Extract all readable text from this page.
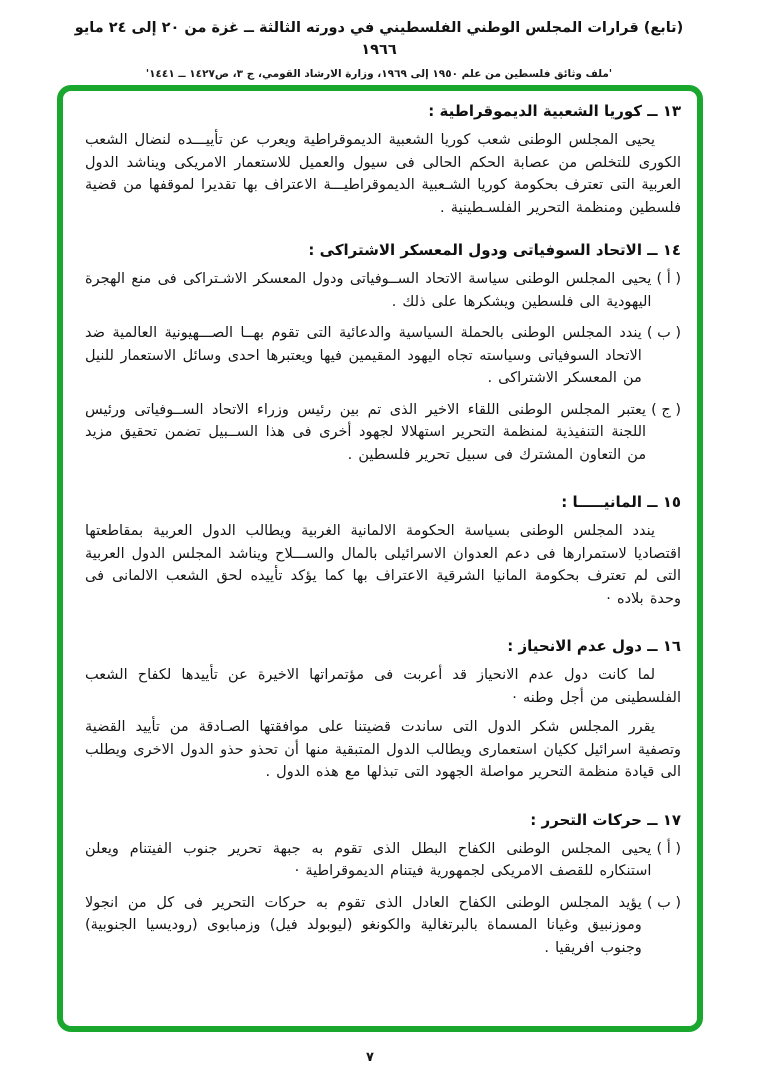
(تابع) قرارات المجلس الوطني الفلسطيني في دورته الثالثة ــ غزة من ٢٠ إلى ٢٤ مايو ١٩٦٦
'ملف وثائق فلسطين من علم ١٩٥٠ إلى ١٩٦٩، وزارة الارشاد القومي، ج ٣، ص١٤٢٧ ــ ١٤٤١'
١٣ ــ كوريا الشعبية الديموقراطية :
يحيى المجلس الوطنى شعب كوريا الشعبية الديموقراطية ويعرب عن تأييـــده لنضال الشعب الكورى للتخلص من عصابة الحكم الحالى فى سيول والعميل للاستعمار الامريكى ويناشد الدول العربية التى تعترف بحكومة كوريا الشـعبية الديموقراطيـــة الاعتراف بها تقديرا لموقفها من قضية فلسطين ومنظمة التحرير الفلسـطينية .
١٤ ــ الاتحاد السوفياتى ودول المعسكر الاشتراكى :
( أ )
يحيى المجلس الوطنى سياسة الاتحاد الســوفياتى ودول المعسكر الاشـتراكى فى منع الهجرة اليهودية الى فلسطين ويشكرها على ذلك .
( ب )
يندد المجلس الوطنى بالحملة السياسية والدعائية التى تقوم بهــا الصـــهيونية العالمية ضد الاتحاد السوفياتى وسياسته تجاه اليهود المقيمين فيها ويعتبرها احدى وسائل الاستعمار للنيل من المعسكر الاشتراكى .
( ج )
يعتبر المجلس الوطنى اللقاء الاخير الذى تم بين رئيس وزراء الاتحاد الســوفياتى ورئيس اللجنة التنفيذية لمنظمة التحرير استهلالا لجهود أخرى فى هذا الســبيل تضمن تحقيق مزيد من التعاون المشترك فى سبيل تحرير فلسطين .
١٥ ــ المانيـــــا :
يندد المجلس الوطنى بسياسة الحكومة الالمانية الغربية ويطالب الدول العربية بمقاطعتها اقتصاديا لاستمرارها فى دعم العدوان الاسرائيلى بالمال والســـلاح ويناشد المجلس الدول العربية التى لم تعترف بحكومة المانيا الشرقية الاعتراف بها كما يؤكد تأييده لحق الشعب الالمانى فى وحدة بلاده ·
١٦ ــ دول عدم الانحياز :
لما كانت دول عدم الانحياز قد أعربت فى مؤتمراتها الاخيرة عن تأييدها لكفاح الشعب الفلسطينى من أجل وطنه ·
يقرر المجلس شكر الدول التى ساندت قضيتنا على موافقتها الصـادقة من تأييد القضية وتصفية اسرائيل ككيان استعمارى ويطالب الدول المتبقية منها أن تحذو حذو الدول الاخرى ويطلب الى قيادة منظمة التحرير مواصلة الجهود التى تبذلها مع هذه الدول .
١٧ ــ حركات التحرر :
( أ )
يحيى المجلس الوطنى الكفاح البطل الذى تقوم به جبهة تحرير جنوب الفيتنام ويعلن استنكاره للقصف الامريكى لجمهورية فيتنام الديموقراطية ·
( ب )
يؤيد المجلس الوطنى الكفاح العادل الذى تقوم به حركات التحرير فى كل من انجولا وموزنبيق وغيانا المسماة بالبرتغالية والكونغو (ليوبولد فيل) وزمبابوى (روديسيا الجنوبية) وجنوب افريقيا .
٧
